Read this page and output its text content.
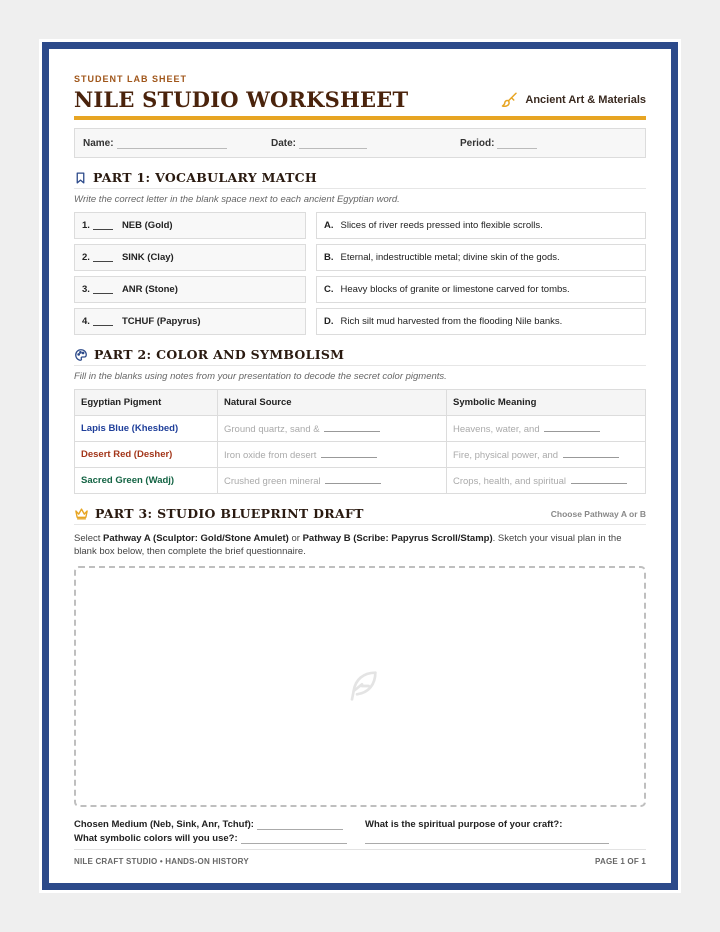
STUDENT LAB SHEET
NILE STUDIO WORKSHEET	Ancient Art & Materials
Name:	Date:	Period:
PART 1: VOCABULARY MATCH
Write the correct letter in the blank space next to each ancient Egyptian word.
1.	NEB (Gold)	A. Slices of river reeds pressed into flexible scrolls.
2.	SINK (Clay)	B. Eternal, indestructible metal; divine skin of the gods.
3.	ANR (Stone)	C. Heavy blocks of granite or limestone carved for tombs.
4.	TCHUF (Papyrus)	D. Rich silt mud harvested from the flooding Nile banks.
PART 2: COLOR AND SYMBOLISM
Fill in the blanks using notes from your presentation to decode the secret color pigments.
Egyptian Pigment	Natural Source	Symbolic Meaning
Lapis Blue (Khesbed)	Ground quartz, sand &	Heavens, water, and
Desert Red (Desher)	Iron oxide from desert	Fire, physical power, and
Sacred Green (Wadj)	Crushed green mineral	Crops, health, and spiritual
PART 3: STUDIO BLUEPRINT DRAFT	Choose Pathway A or B
Select Pathway A (Sculptor: Gold/Stone Amulet) or Pathway B (Scribe: Papyrus Scroll/Stamp). Sketch your visual plan in the blank box below, then complete the brief questionnaire.
Chosen Medium (Neb, Sink, Anr, Tchuf):
What symbolic colors will you use?:
What is the spiritual purpose of your craft?:
NILE CRAFT STUDIO • HANDS-ON HISTORY	PAGE 1 OF 1
